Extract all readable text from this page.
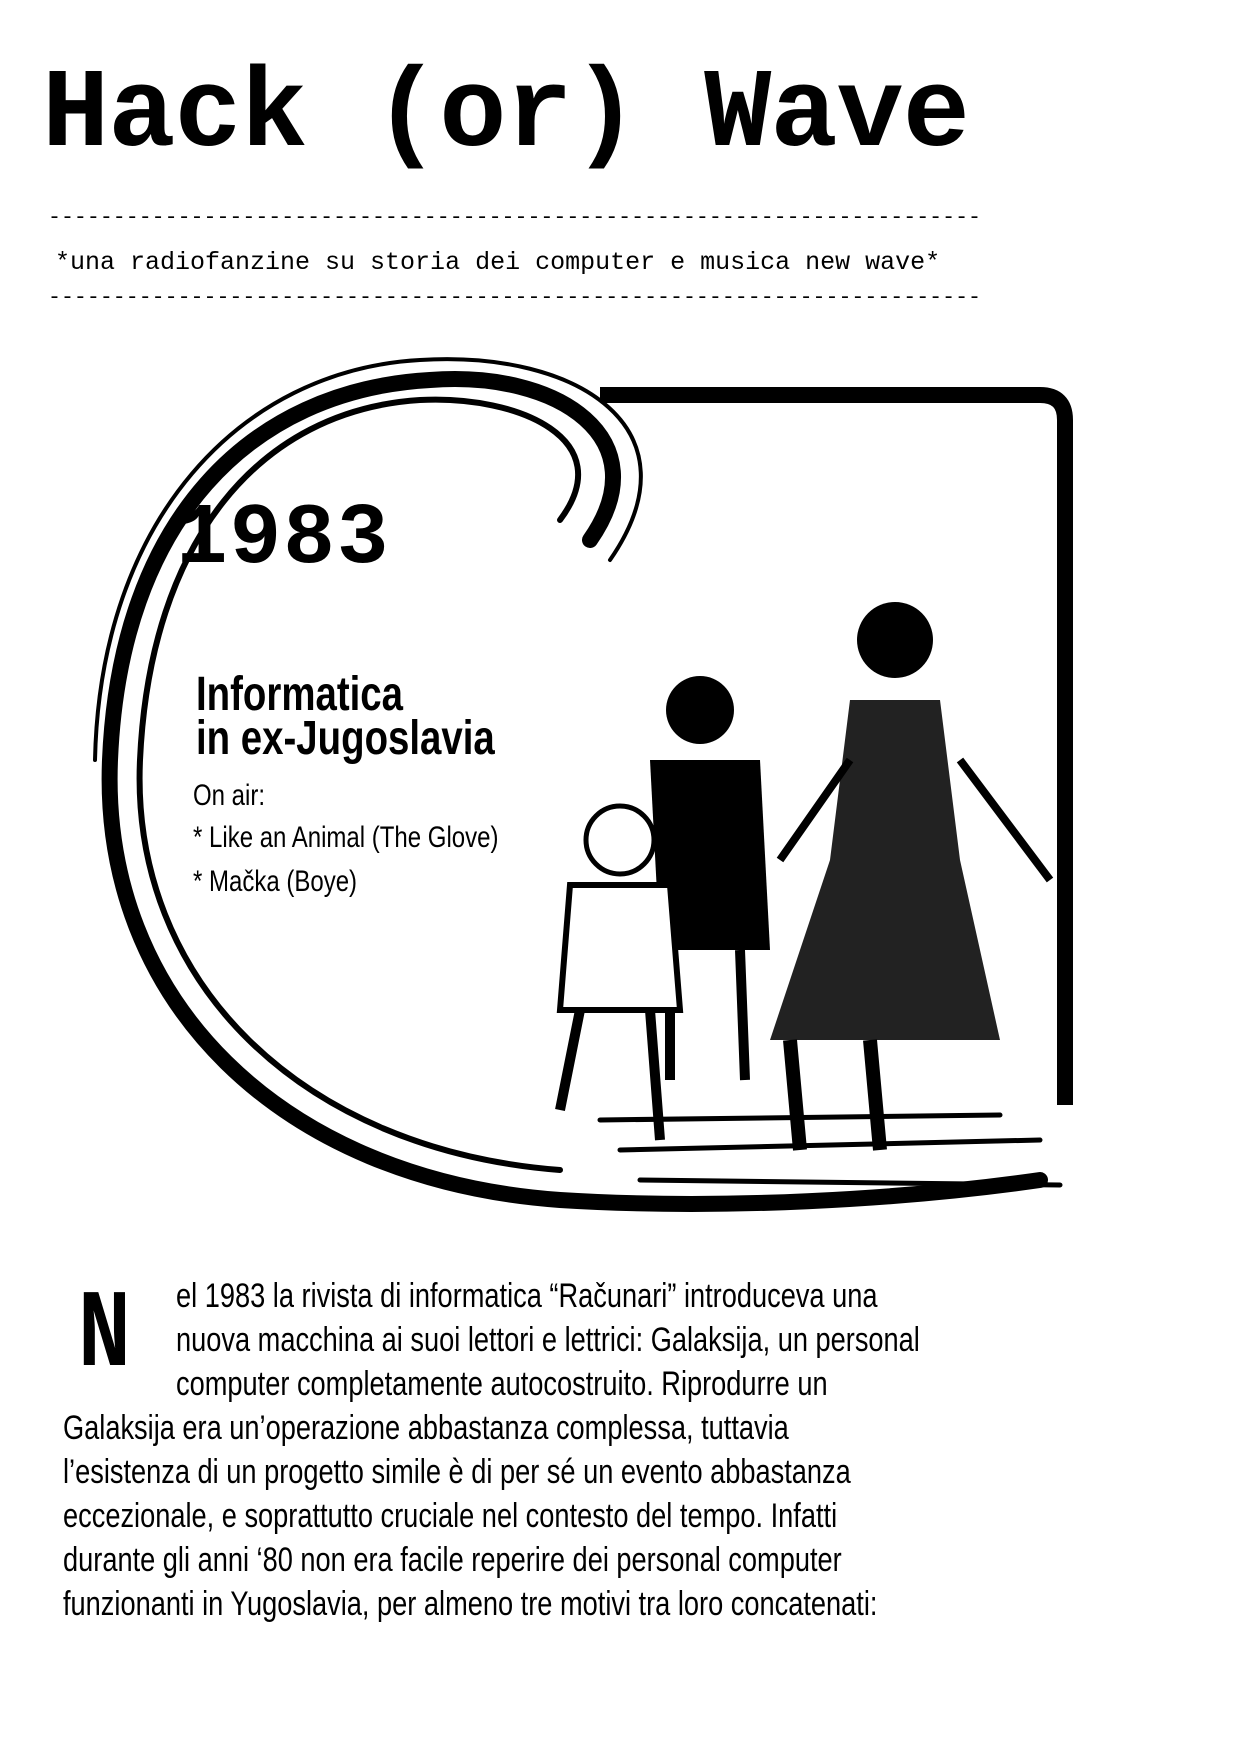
Hack (or) Wave
------------------------------------------------------------------------
*una radiofanzine su storia dei computer e musica new wave*
------------------------------------------------------------------------
1983
Informatica
in ex-Jugoslavia
On air:
* Like an Animal (The Glove)
* Mačka (Boye)
N el 1983 la rivista di informatica “Računari” introduceva una
nuova macchina ai suoi lettori e lettrici: Galaksija, un personal
computer completamente autocostruito. Riprodurre un
Galaksija era un’operazione abbastanza complessa, tuttavia
l’esistenza di un progetto simile è di per sé un evento abbastanza
eccezionale, e soprattutto cruciale nel contesto del tempo. Infatti
durante gli anni ‘80 non era facile reperire dei personal computer
funzionanti in Yugoslavia, per almeno tre motivi tra loro concatenati:
